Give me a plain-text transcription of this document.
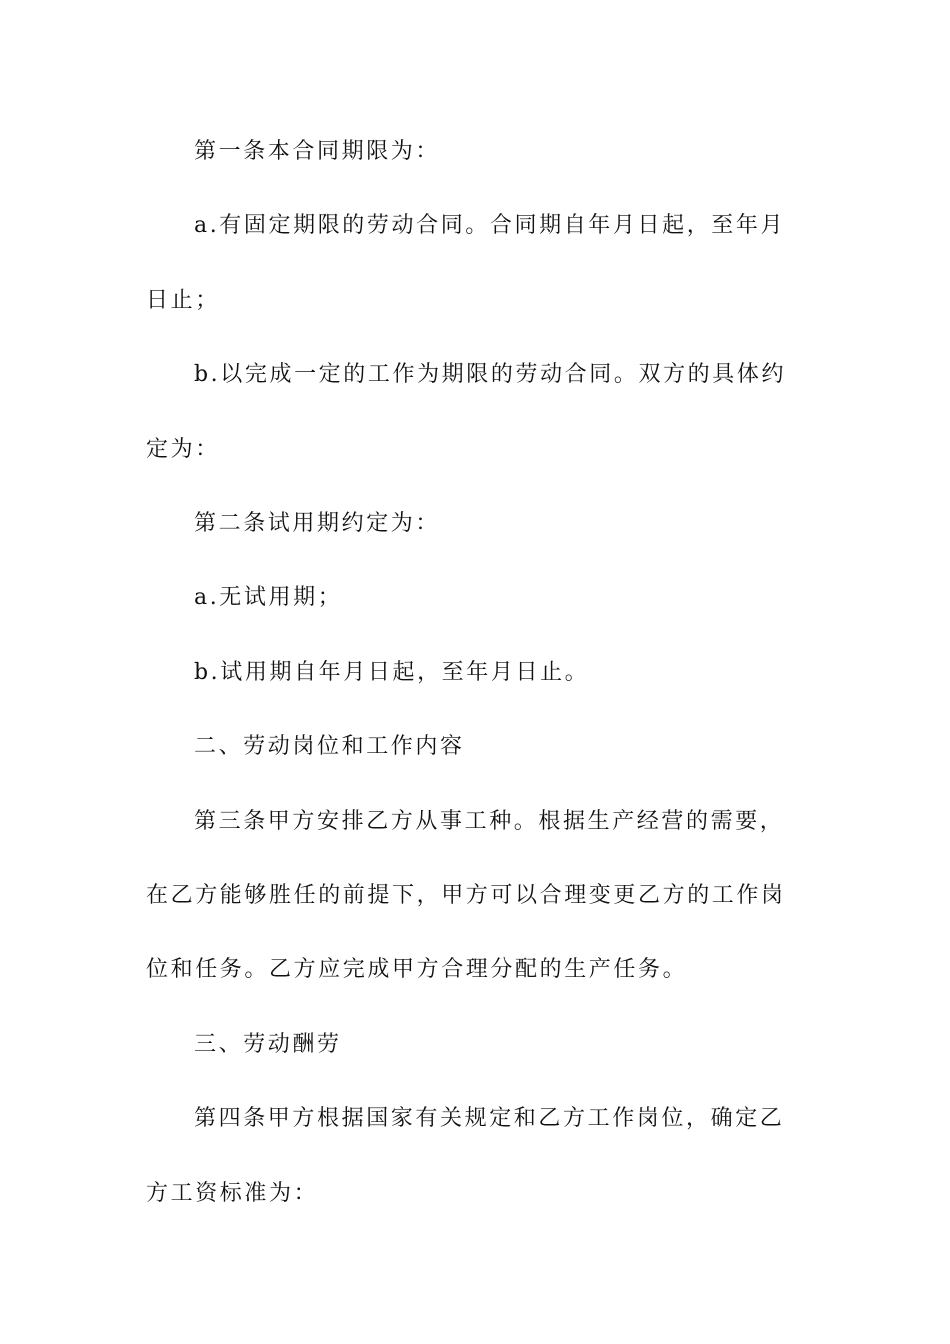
第一条本合同期限为：

a.有固定期限的劳动合同。合同期自年月日起，至年月日止；

b.以完成一定的工作为期限的劳动合同。双方的具体约定为：

第二条试用期约定为：

a.无试用期；

b.试用期自年月日起，至年月日止。

二、劳动岗位和工作内容

第三条甲方安排乙方从事工种。根据生产经营的需要，在乙方能够胜任的前提下，甲方可以合理变更乙方的工作岗位和任务。乙方应完成甲方合理分配的生产任务。

三、劳动酬劳

第四条甲方根据国家有关规定和乙方工作岗位，确定乙方工资标准为：
